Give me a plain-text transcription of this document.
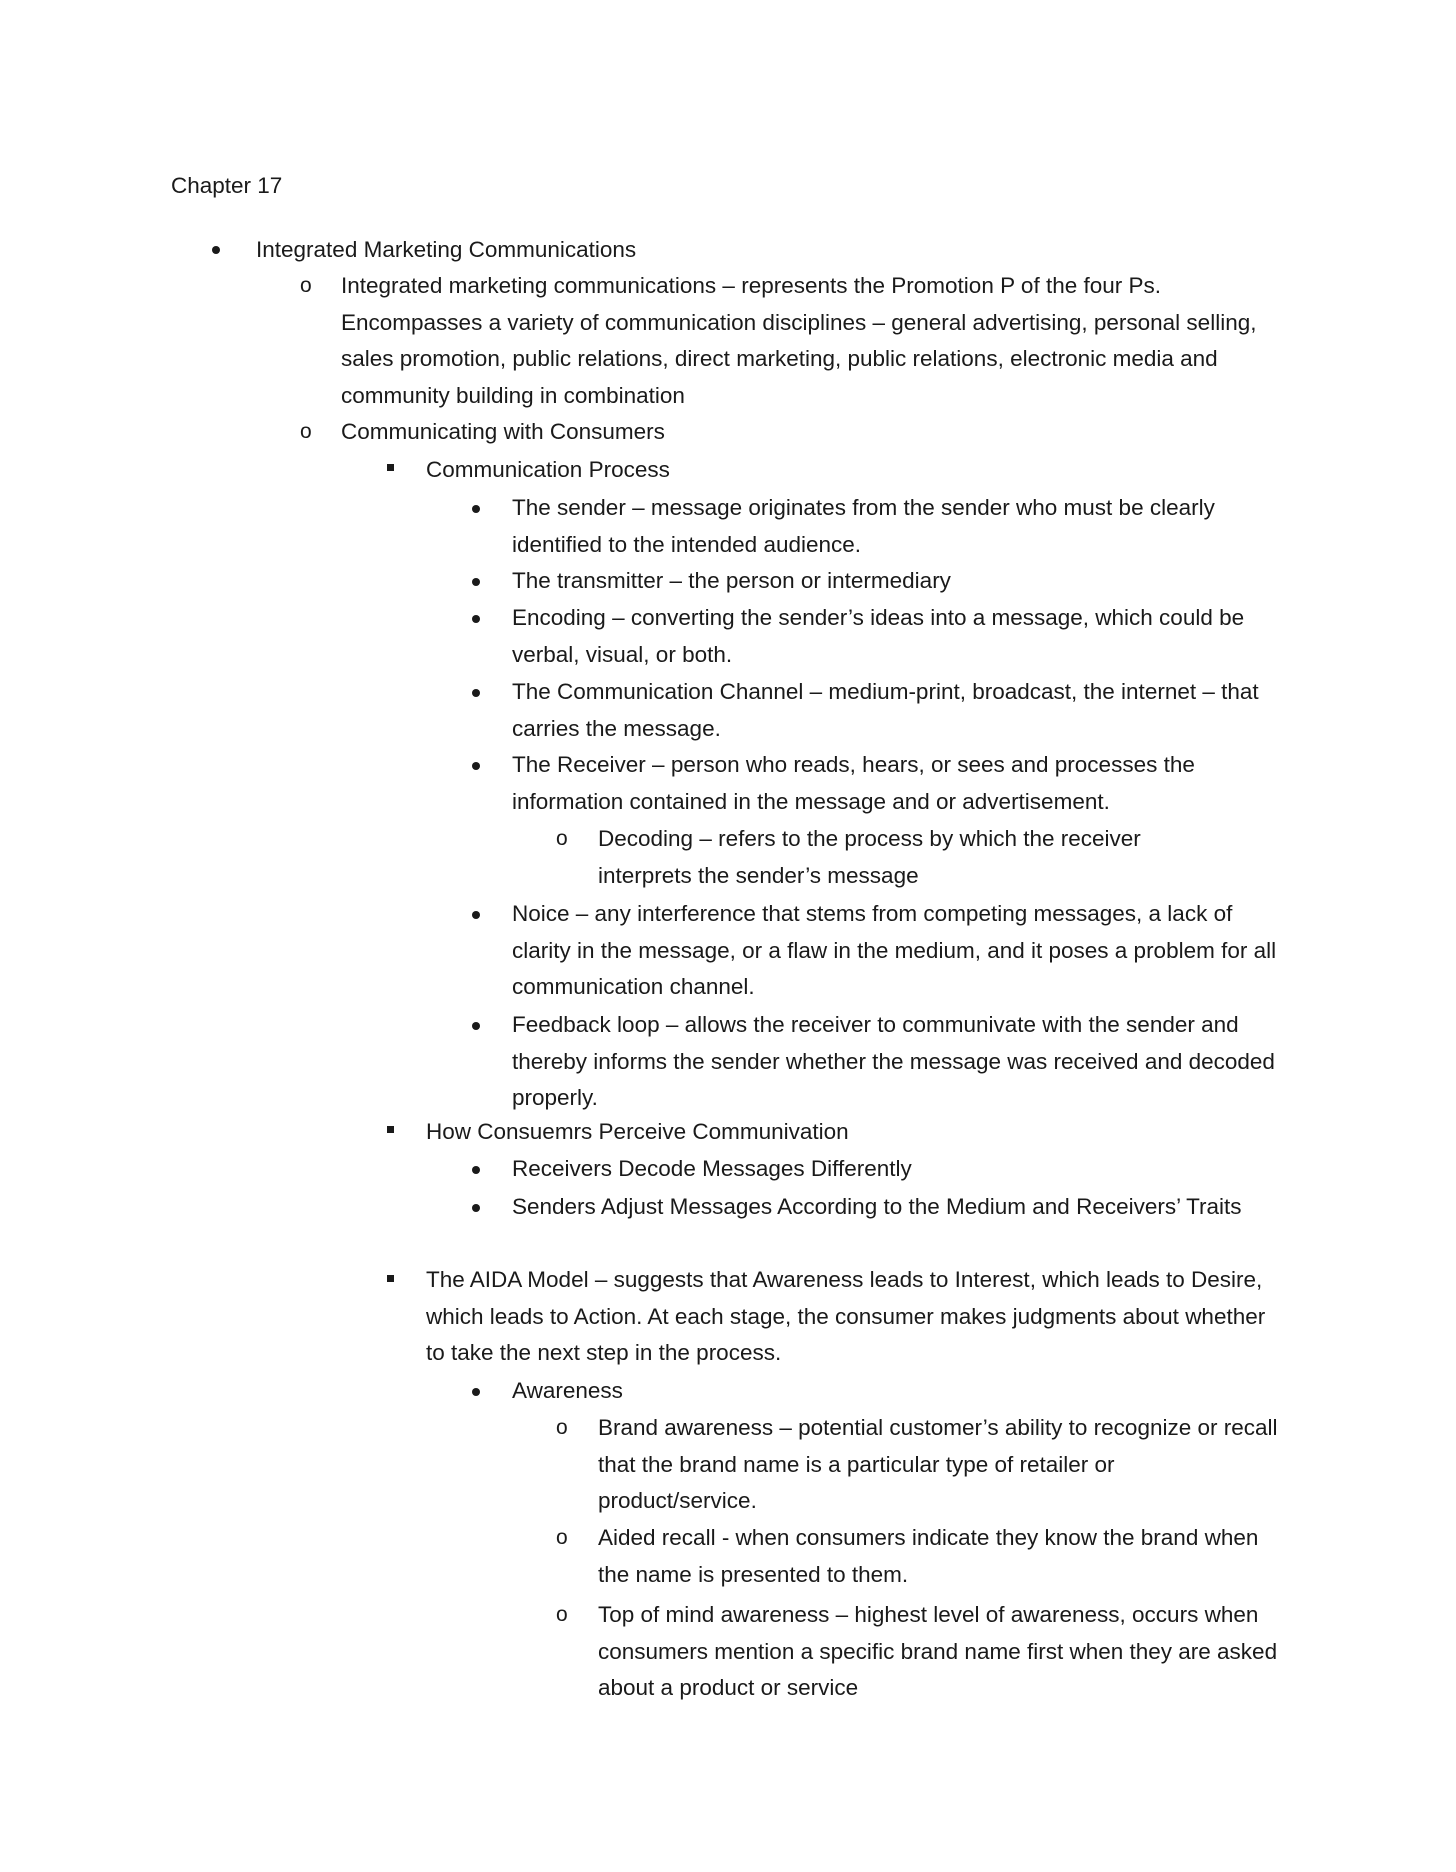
Chapter 17
Integrated Marketing Communications
o Integrated marketing communications – represents the Promotion P of the four Ps. Encompasses a variety of communication disciplines – general advertising, personal selling, sales promotion, public relations, direct marketing, public relations, electronic media and community building in combination
o Communicating with Consumers
Communication Process
The sender – message originates from the sender who must be clearly identified to the intended audience.
The transmitter – the person or intermediary
Encoding – converting the sender’s ideas into a message, which could be verbal, visual, or both.
The Communication Channel – medium-print, broadcast, the internet – that carries the message.
The Receiver – person who reads, hears, or sees and processes the information contained in the message and or advertisement.
o Decoding – refers to the process by which the receiver interprets the sender’s message
Noice – any interference that stems from competing messages, a lack of clarity in the message, or a flaw in the medium, and it poses a problem for all communication channel.
Feedback loop – allows the receiver to communivate with the sender and thereby informs the sender whether the message was received and decoded properly.
How Consuemrs Perceive Communivation
Receivers Decode Messages Differently
Senders Adjust Messages According to the Medium and Receivers’ Traits
The AIDA Model – suggests that Awareness leads to Interest, which leads to Desire, which leads to Action. At each stage, the consumer makes judgments about whether to take the next step in the process.
Awareness
o Brand awareness – potential customer’s ability to recognize or recall that the brand name is a particular type of retailer or product/service.
o Aided recall - when consumers indicate they know the brand when the name is presented to them.
o Top of mind awareness – highest level of awareness, occurs when consumers mention a specific brand name first when they are asked about a product or service
